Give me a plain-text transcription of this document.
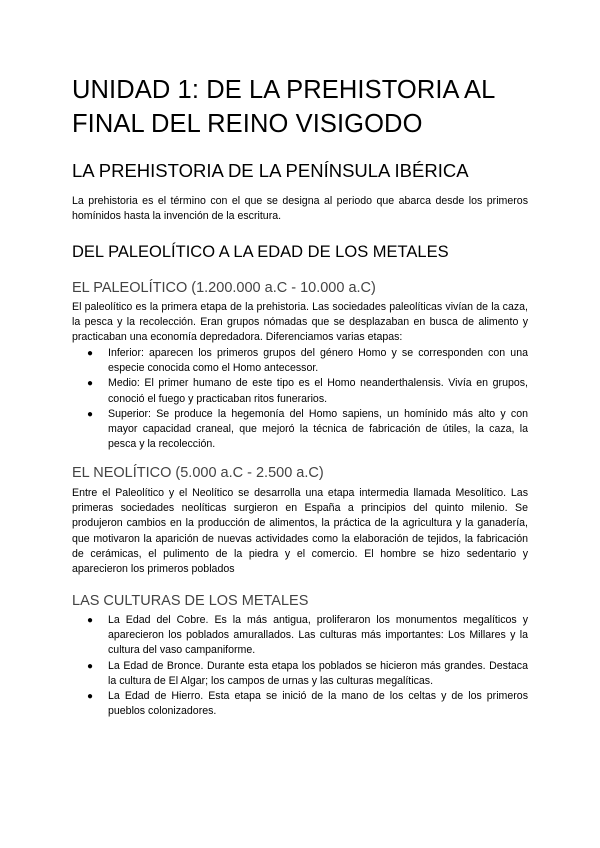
UNIDAD 1: DE LA PREHISTORIA AL FINAL DEL REINO VISIGODO
LA PREHISTORIA DE LA PENÍNSULA IBÉRICA

La prehistoria es el término con el que se designa al periodo que abarca desde los primeros homínidos hasta la invención de la escritura.

DEL PALEOLÍTICO A LA EDAD DE LOS METALES
EL PALEOLÍTICO (1.200.000 a.C - 10.000 a.C)

El paleolítico es la primera etapa de la prehistoria. Las sociedades paleolíticas vivían de la caza, la pesca y la recolección. Eran grupos nómadas que se desplazaban en busca de alimento y practicaban una economía depredadora. Diferenciamos varias etapas:

● Inferior: aparecen los primeros grupos del género Homo y se corresponden con una especie conocida como el Homo antecessor.
● Medio: El primer humano de este tipo es el Homo neanderthalensis. Vivía en grupos, conoció el fuego y practicaban ritos funerarios.
● Superior: Se produce la hegemonía del Homo sapiens, un homínido más alto y con mayor capacidad craneal, que mejoró la técnica de fabricación de útiles, la caza, la pesca y la recolección.
EL NEOLÍTICO (5.000 a.C - 2.500 a.C)

Entre el Paleolítico y el Neolítico se desarrolla una etapa intermedia llamada Mesolítico. Las primeras sociedades neolíticas surgieron en España a principios del quinto milenio. Se produjeron cambios en la producción de alimentos, la práctica de la agricultura y la ganadería, que motivaron la aparición de nuevas actividades como la elaboración de tejidos, la fabricación de cerámicas, el pulimento de la piedra y el comercio. El hombre se hizo sedentario y aparecieron los primeros poblados

LAS CULTURAS DE LOS METALES
● La Edad del Cobre. Es la más antigua, proliferaron los monumentos megalíticos y aparecieron los poblados amurallados. Las culturas más importantes: Los Millares y la cultura del vaso campaniforme.
● La Edad de Bronce. Durante esta etapa los poblados se hicieron más grandes. Destaca la cultura de El Algar; los campos de urnas y las culturas megalíticas.
● La Edad de Hierro. Esta etapa se inició de la mano de los celtas y de los primeros pueblos colonizadores.
